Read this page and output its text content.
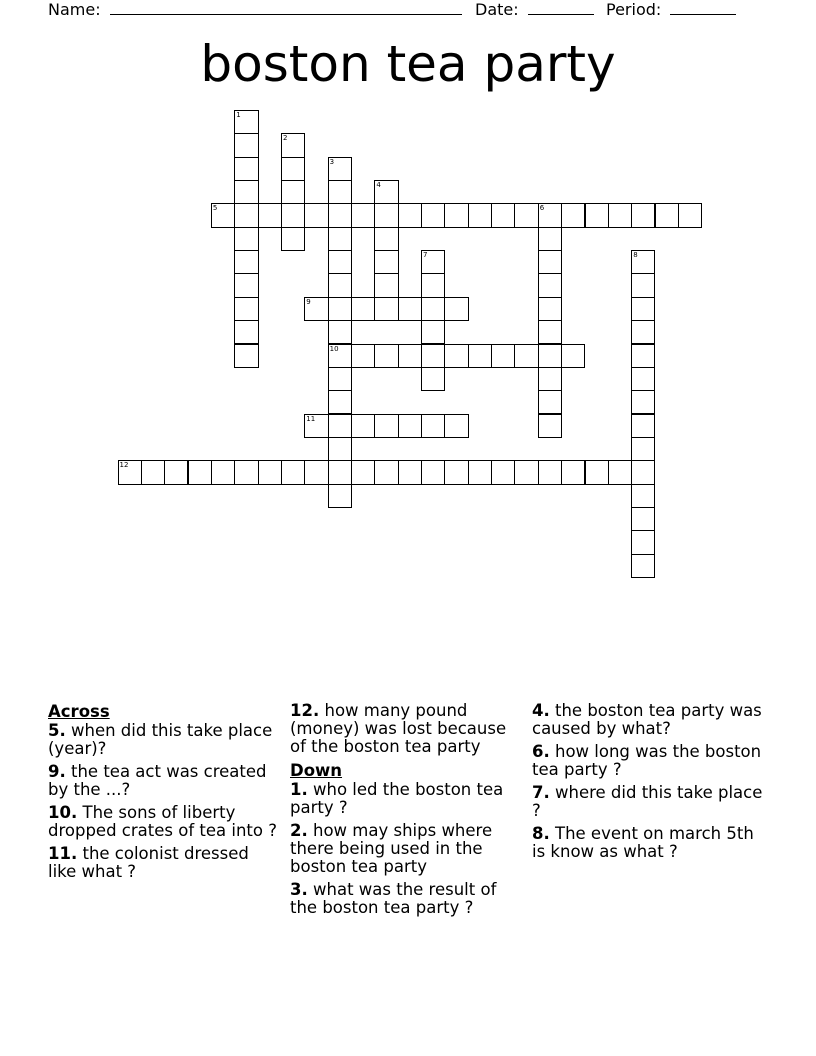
Name:	Date:	Period:
boston tea party
1
2
3
10
4
5	6
7	8
9
11
12
Across
5. when did this take place (year)?
9. the tea act was created by the ...?
10. The sons of liberty dropped crates of tea into ?
11. the colonist dressed like what ?
12. how many pound (money) was lost because of the boston tea party
Down
1. who led the boston tea party ?
2. how may ships where there being used in the boston tea party
3. what was the result of the boston tea party ?
4. the boston tea party was caused by what?
6. how long was the boston tea party ?
7. where did this take place ?
8. The event on march 5th is know as what ?
